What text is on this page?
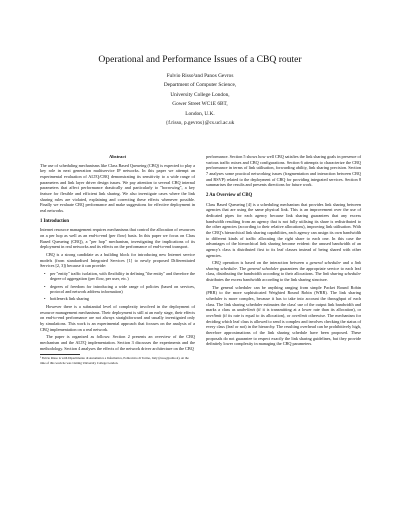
Operational and Performance Issues of a CBQ router
Fulvio Risso¹and Panos Gevros
Department of Computer Science,
University College London,
Gower Street WC1E 6BT,
London, U.K.
{f.risso, p.gevros}@cs.ucl.ac.uk
Abstract

The use of scheduling mechanisms like Class Based Queueing (CBQ) is expected to play a key role in next generation multiservice IP networks. In this paper we attempt an experimental evaluation of ALTQ/CBQ demonstrating its sensitivity to a wide range of parameters and link layer driver design issues. We pay attention to several CBQ internal parameters that affect performance drastically and particularly to "borrowing", a key feature for flexible and efficient link sharing. We also investigate cases where the link sharing rules are violated, explaining and correcting these effects whenever possible. Finally we evaluate CBQ performance and make suggestions for effective deployment in real networks.

1 Introduction

Internet resource management requires mechanisms that control the allocation of resources on a per hop as well as an end-to-end (per flow) basis. In this paper we focus on Class Based Queueing (CBQ), a "per hop" mechanism, investigating the implications of its deployment in real networks and its effects on the performance of end-to-end transport.

CBQ is a strong candidate as a building block for introducing new Internet service models (from standardised Integrated Services [1] to newly proposed Differentiated Services [2, 3]) because it can provide:

• per "entity" traffic isolation, with flexibility in defining "the entity" and therefore the degree of aggregation (per flow, per user, etc.)
• degrees of freedom for introducing a wide range of policies (based on services, protocol and network address information)
• bottleneck link sharing

However there is a substantial level of complexity involved in the deployment of resource management mechanisms. Their deployment is still at an early stage, their effects on end-to-end performance are not always straightforward and usually investigated only by simulations. This work is an experimental approach that focuses on the analysis of a CBQ implementation on a real network.

The paper is organised as follows: Section 2 presents an overview of the CBQ mechanism and the ALTQ implementation. Section 3 discusses the experiments and the methodology. Section 4 analyses the effects of the network driver architecture on the CBQ

¹ Fulvio Risso is with Dipartimento di Automatica e Informatica, Politecnico di Torino, Italy (risso@polito.it). At the time of this work he was visiting University College London.

performance. Section 5 shows how well CBQ satisfies the link sharing goals in presence of various traffic mixes and CBQ configurations. Section 6 attempts to characterize the CBQ performance in terms of link utilisation, forwarding ability, link sharing precision. Section 7 analyses some practical networking issues (fragmentation and interaction between CBQ and RSVP) related to the deployment of CBQ for providing integrated services. Section 8 summarises the results and presents directions for future work.

2 An Overview of CBQ

Class Based Queueing [4] is a scheduling mechanism that provides link sharing between agencies that are using the same physical link. This is an improvement over the use of dedicated pipes for each agency because link sharing guarantees that any excess bandwidth resulting from an agency that is not fully utilising its share is redistributed to the other agencies (according to their relative allocations), improving link utilisation. With the CBQ's hierarchical link sharing capabilities, each agency can assign its own bandwidth to different kinds of traffic allocating the right share to each one. In this case the advantages of the hierarchical link sharing become evident: the unused bandwidth of an agency's class is distributed first to its leaf classes instead of being shared with other agencies.

CBQ operation is based on the interaction between a general scheduler and a link sharing scheduler. The general scheduler guarantees the appropriate service to each leaf class, distributing the bandwidth according to their allocations. The link sharing scheduler distributes the excess bandwidth according to the link sharing structure.

The general scheduler can be anything ranging from simple Packet Round Robin (PRR) to the more sophisticated Weighted Round Robin (WRR). The link sharing scheduler is more complex, because it has to take into account the throughput of each class. The link sharing scheduler estimates the class' use of the output link bandwidth and marks a class as underlimit (if it is transmitting at a lower rate than its allocation), or overlimit (if its rate is equal to its allocation), or overlimit otherwise. The mechanism for deciding which leaf class is allowed to send is complex and involves checking the status of every class (leaf or not) in the hierarchy. The resulting overhead can be prohibitively high, therefore approximations of the link sharing schedule have been proposed. These proposals do not guarantee to respect exactly the link sharing guidelines, but they provide definitely lower complexity in managing the CBQ parameters.
